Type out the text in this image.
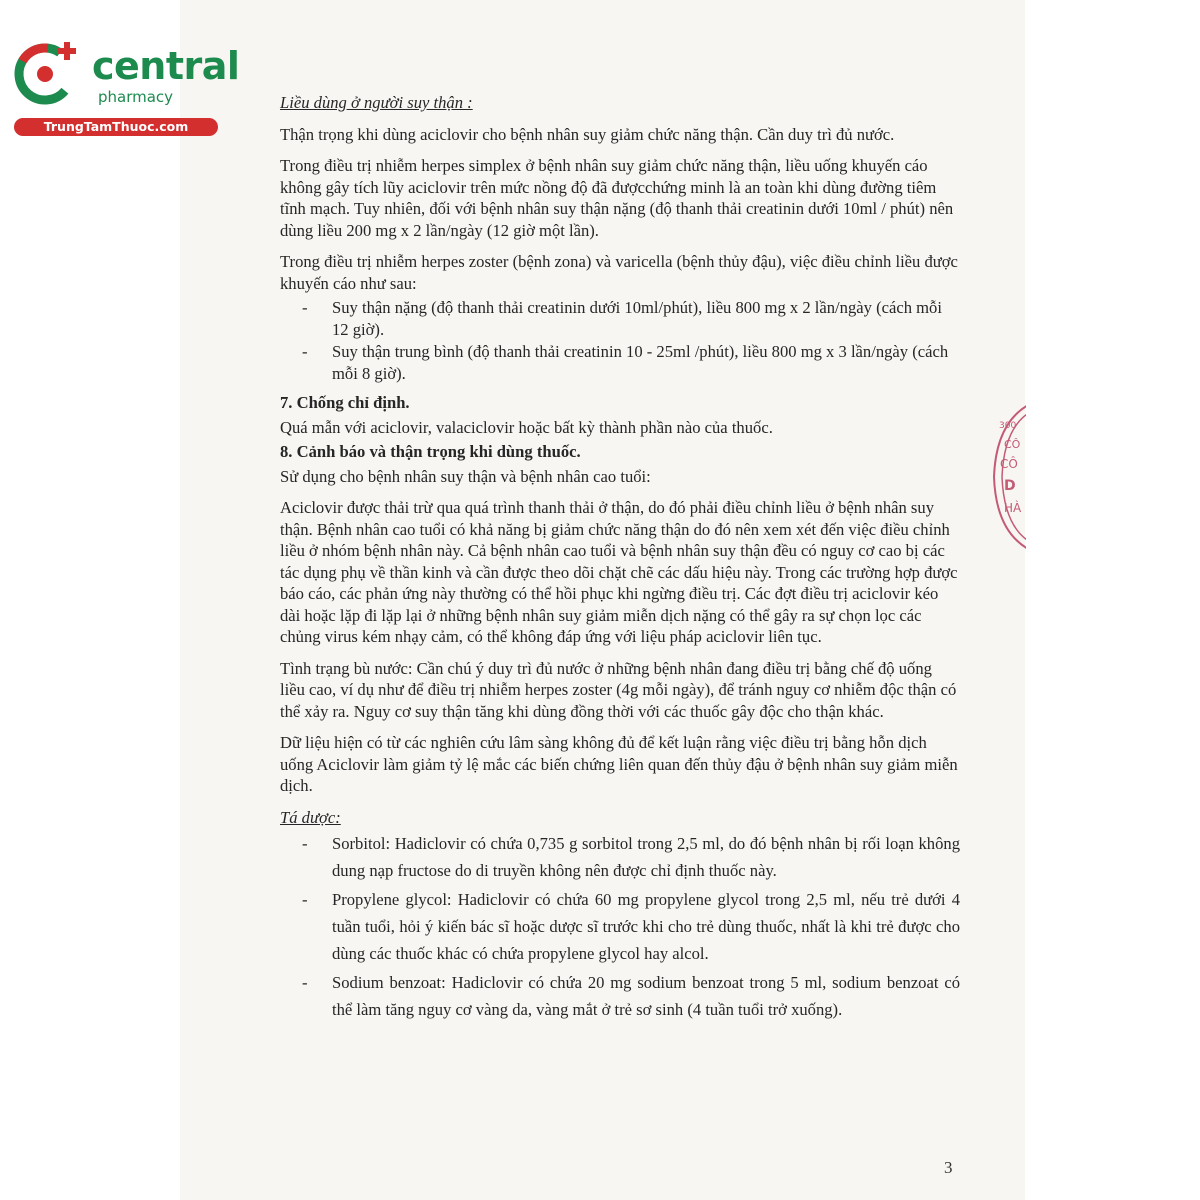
central
pharmacy
TrungTamThuoc.com
Liều dùng ở người suy thận :

Thận trọng khi dùng aciclovir cho bệnh nhân suy giảm chức năng thận. Cần duy trì đủ nước.

Trong điều trị nhiễm herpes simplex ở bệnh nhân suy giảm chức năng thận, liều uống khuyến cáo không gây tích lũy aciclovir trên mức nồng độ đã đượcchứng minh là an toàn khi dùng đường tiêm tĩnh mạch. Tuy nhiên, đối với bệnh nhân suy thận nặng (độ thanh thải creatinin dưới 10ml / phút) nên dùng liều 200 mg x 2 lần/ngày (12 giờ một lần).

Trong điều trị nhiễm herpes zoster (bệnh zona) và varicella (bệnh thủy đậu), việc điều chỉnh liều được khuyến cáo như sau:

- Suy thận nặng (độ thanh thải creatinin dưới 10ml/phút), liều 800 mg x 2 lần/ngày (cách mỗi 12 giờ).
- Suy thận trung bình (độ thanh thải creatinin 10 - 25ml /phút), liều 800 mg x 3 lần/ngày (cách mỗi 8 giờ).
7. Chống chỉ định.

Quá mẫn với aciclovir, valaciclovir hoặc bất kỳ thành phần nào của thuốc.

8. Cảnh báo và thận trọng khi dùng thuốc.

Sử dụng cho bệnh nhân suy thận và bệnh nhân cao tuổi:

Aciclovir được thải trừ qua quá trình thanh thải ở thận, do đó phải điều chỉnh liều ở bệnh nhân suy thận. Bệnh nhân cao tuổi có khả năng bị giảm chức năng thận do đó nên xem xét đến việc điều chỉnh liều ở nhóm bệnh nhân này. Cả bệnh nhân cao tuổi và bệnh nhân suy thận đều có nguy cơ cao bị các tác dụng phụ về thần kinh và cần được theo dõi chặt chẽ các dấu hiệu này. Trong các trường hợp được báo cáo, các phản ứng này thường có thể hồi phục khi ngừng điều trị. Các đợt điều trị aciclovir kéo dài hoặc lặp đi lặp lại ở những bệnh nhân suy giảm miễn dịch nặng có thể gây ra sự chọn lọc các chủng virus kém nhạy cảm, có thể không đáp ứng với liệu pháp aciclovir liên tục.

Tình trạng bù nước: Cần chú ý duy trì đủ nước ở những bệnh nhân đang điều trị bằng chế độ uống liều cao, ví dụ như để điều trị nhiễm herpes zoster (4g mỗi ngày), để tránh nguy cơ nhiễm độc thận có thể xảy ra. Nguy cơ suy thận tăng khi dùng đồng thời với các thuốc gây độc cho thận khác.

Dữ liệu hiện có từ các nghiên cứu lâm sàng không đủ để kết luận rằng việc điều trị bằng hỗn dịch uống Aciclovir làm giảm tỷ lệ mắc các biến chứng liên quan đến thủy đậu ở bệnh nhân suy giảm miễn dịch.

Tá dược:
- Sorbitol: Hadiclovir có chứa 0,735 g sorbitol trong 2,5 ml, do đó bệnh nhân bị rối loạn không dung nạp fructose do di truyền không nên được chỉ định thuốc này.
- Propylene glycol: Hadiclovir có chứa 60 mg propylene glycol trong 2,5 ml, nếu trẻ dưới 4 tuần tuổi, hỏi ý kiến bác sĩ hoặc dược sĩ trước khi cho trẻ dùng thuốc, nhất là khi trẻ được cho dùng các thuốc khác có chứa propylene glycol hay alcol.
- Sodium benzoat: Hadiclovir có chứa 20 mg sodium benzoat trong 5 ml, sodium benzoat có thể làm tăng nguy cơ vàng da, vàng mắt ở trẻ sơ sinh (4 tuần tuổi trở xuống).
3
300
CÔ
CÔ
D
HÀ
